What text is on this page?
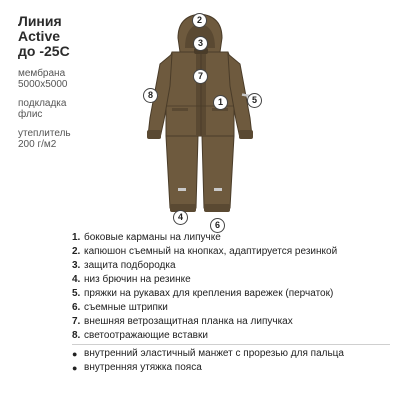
Линия
Active
до -25С
мембрана
5000х5000
подкладка
флис
утеплитель
200 г/м2
2
3
7
8
1	5
4
6
1. боковые карманы на липучке
2. капюшон съемный на кнопках, адаптируется резинкой
3. защита подбородка
4. низ брючин на резинке
5. пряжки на рукавах для крепления варежек (перчаток)
6. съемные штрипки
7. внешняя ветрозащитная планка на липучках
8. светоотражающие вставки
● внутренний эластичный манжет с прорезью для пальца
● внутренняя утяжка пояса
